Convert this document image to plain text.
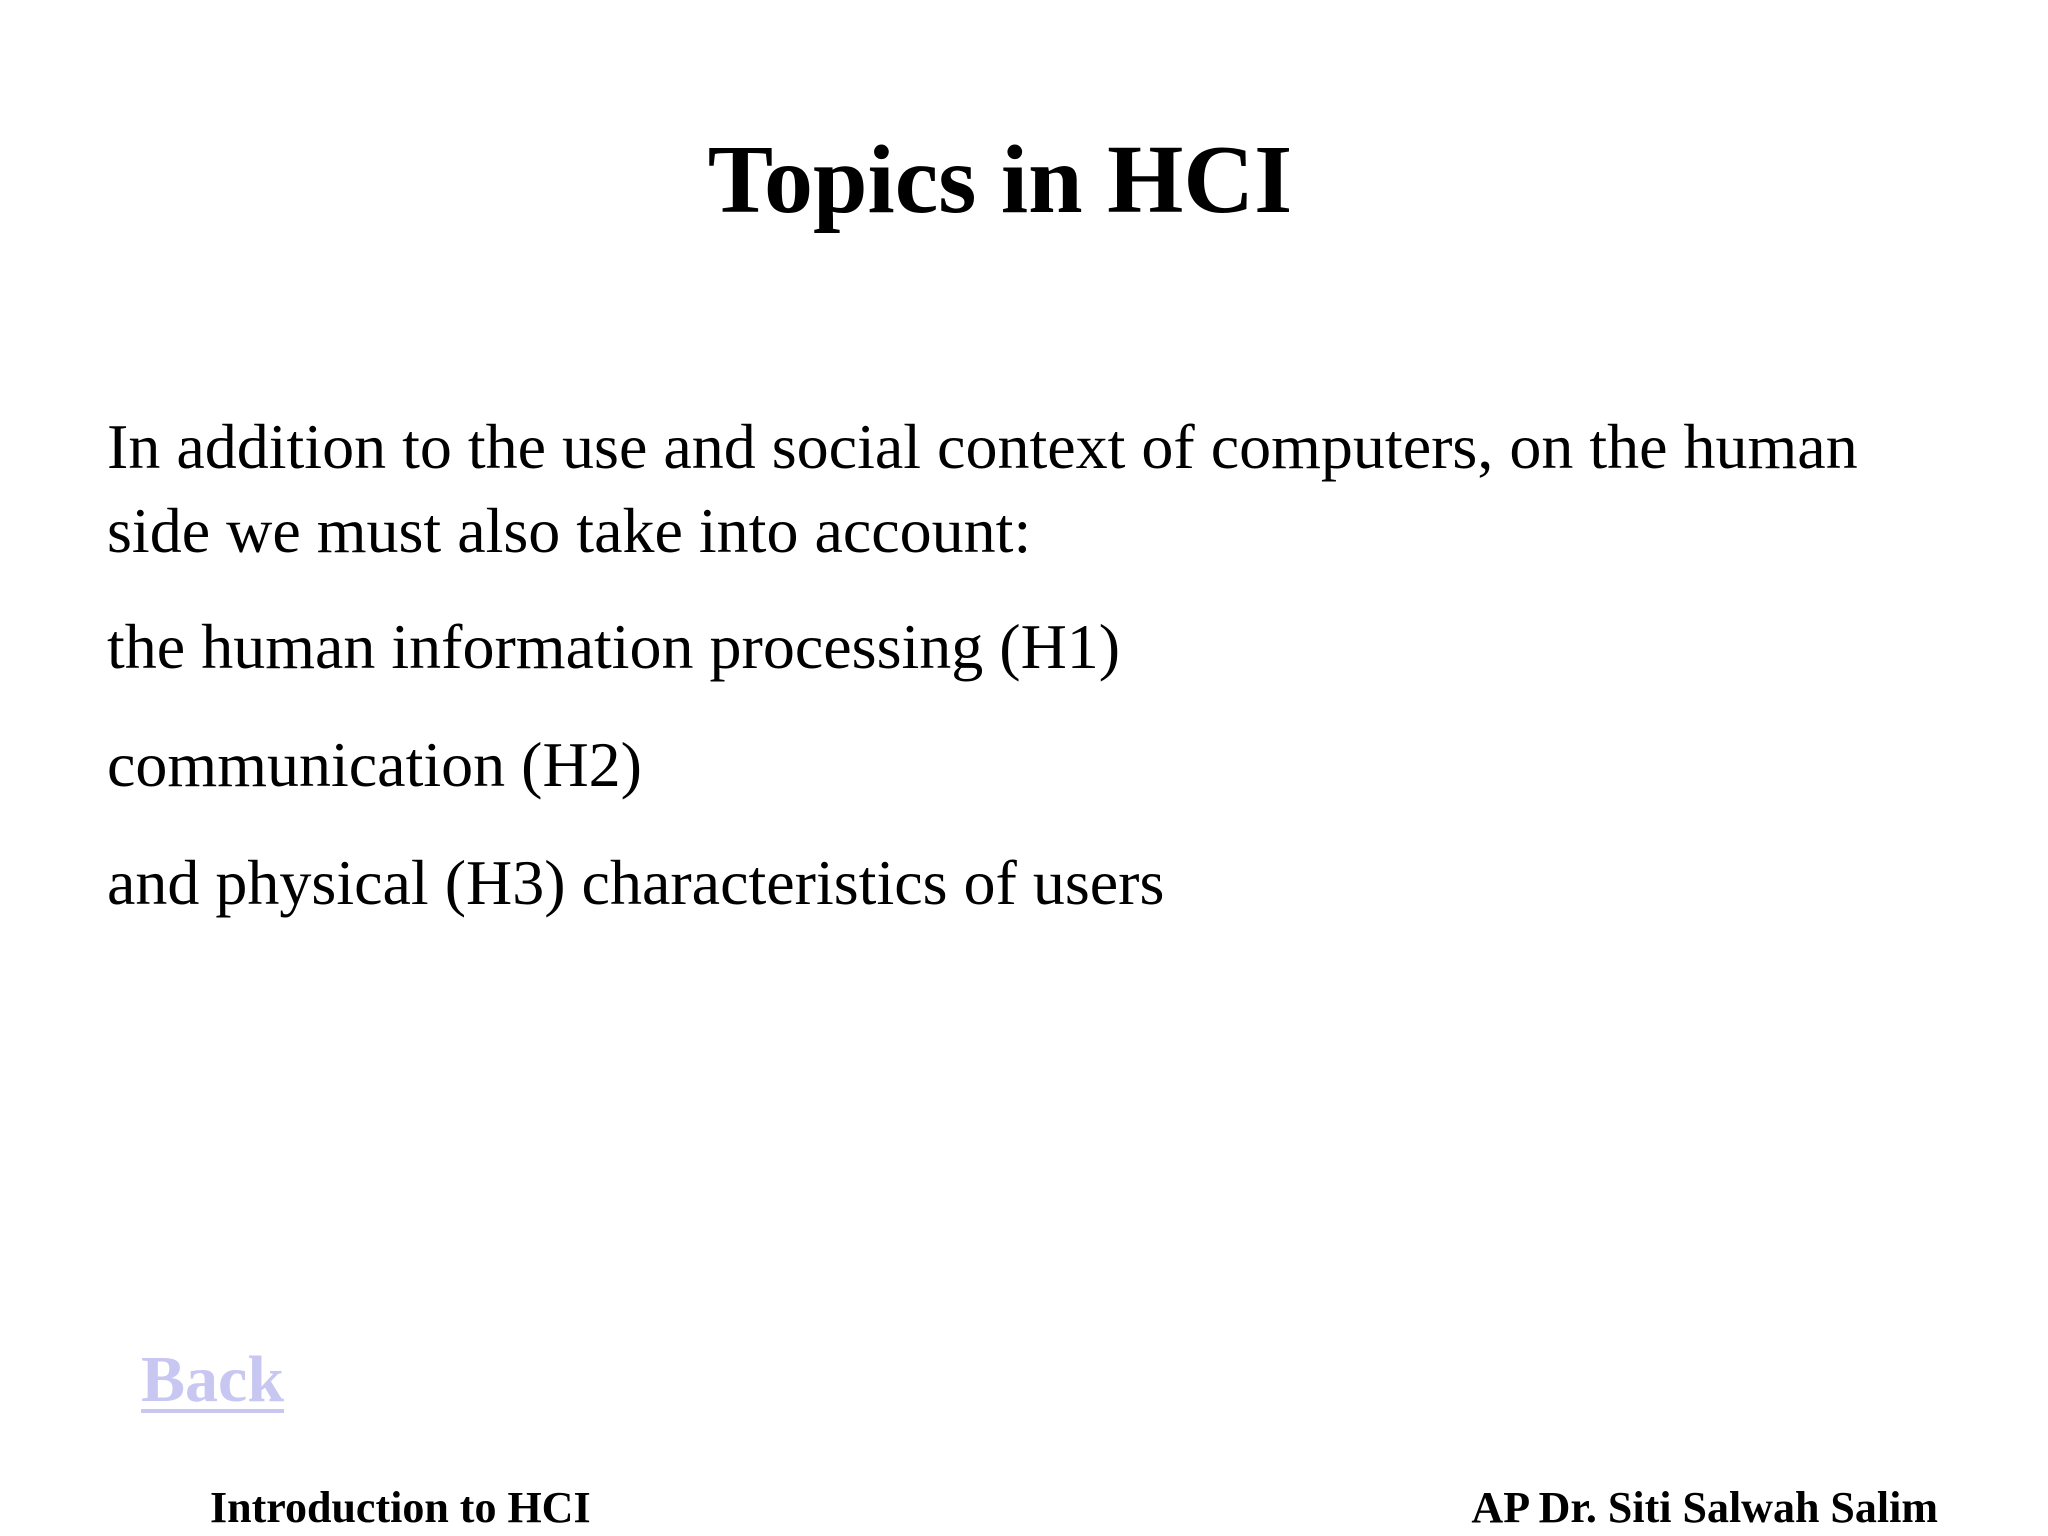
Topics in HCI

In addition to the use and social context of computers, on the human side we must also take into account:

the human information processing (H1)

communication (H2)

and physical (H3) characteristics of users

Back
Introduction to HCI	AP Dr. Siti Salwah Salim
